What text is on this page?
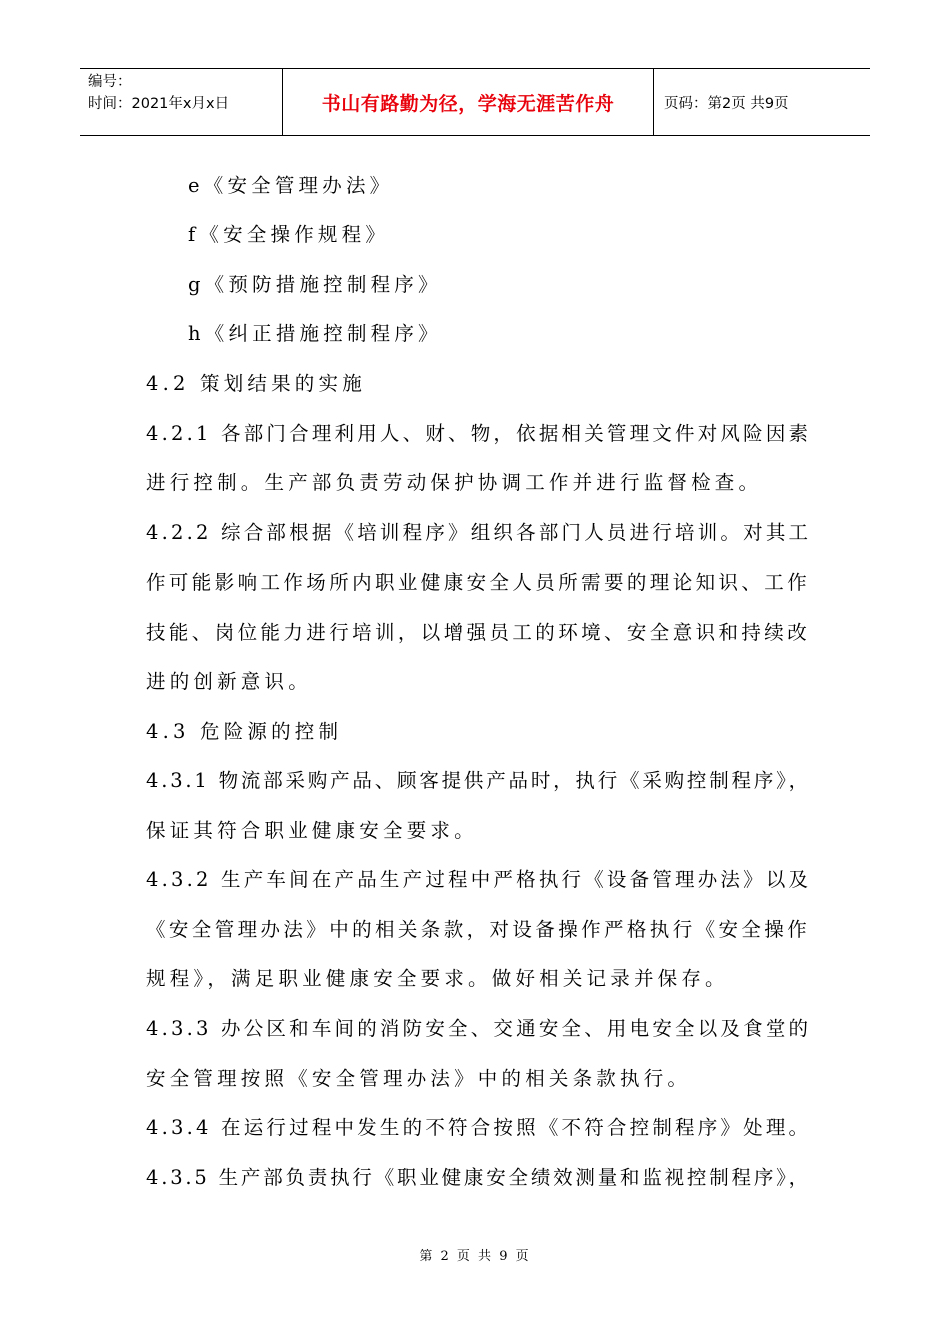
编号：
时间：2021年x月x日	书山有路勤为径，学海无涯苦作舟	页码：第2页 共9页
e《安全管理办法》
f《安全操作规程》
g《预防措施控制程序》
h《纠正措施控制程序》
4.2 策划结果的实施
4.2.1 各部门合理利用人、财、物，依据相关管理文件对风险因素
进行控制。生产部负责劳动保护协调工作并进行监督检查。
4.2.2 综合部根据《培训程序》组织各部门人员进行培训。对其工
作可能影响工作场所内职业健康安全人员所需要的理论知识、工作
技能、岗位能力进行培训，以增强员工的环境、安全意识和持续改
进的创新意识。
4.3 危险源的控制
4.3.1 物流部采购产品、顾客提供产品时，执行《采购控制程序》，
保证其符合职业健康安全要求。
4.3.2 生产车间在产品生产过程中严格执行《设备管理办法》以及
《安全管理办法》中的相关条款，对设备操作严格执行《安全操作
规程》，满足职业健康安全要求。做好相关记录并保存。
4.3.3 办公区和车间的消防安全、交通安全、用电安全以及食堂的
安全管理按照《安全管理办法》中的相关条款执行。
4.3.4 在运行过程中发生的不符合按照《不符合控制程序》处理。
4.3.5 生产部负责执行《职业健康安全绩效测量和监视控制程序》，
第 2 页 共 9 页
